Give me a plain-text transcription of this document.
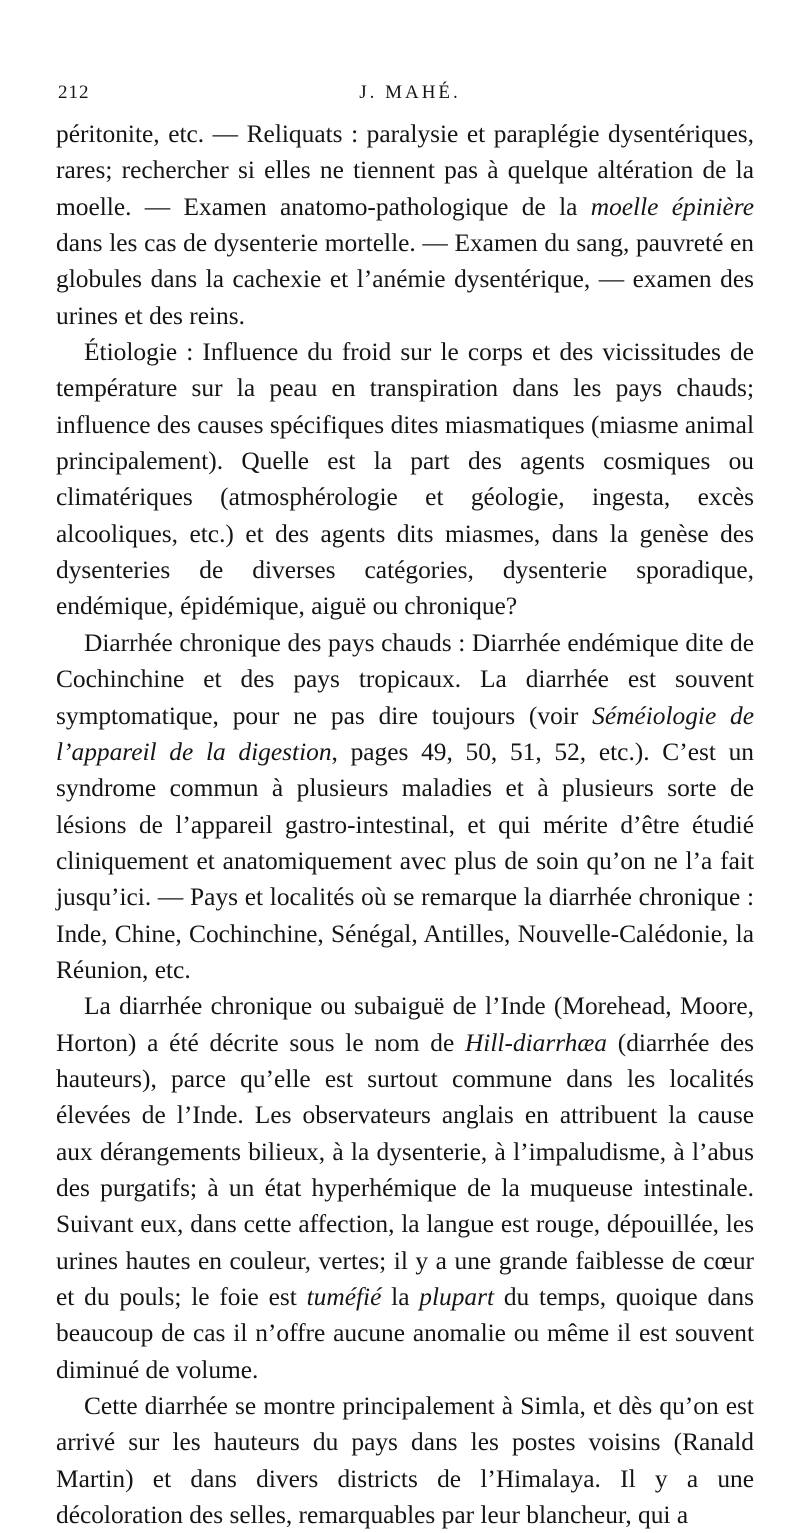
212	J. MAHÉ.

péritonite, etc. — Reliquats : paralysie et paraplégie dysentériques, rares; rechercher si elles ne tiennent pas à quelque altération de la moelle. — Examen anatomo-pathologique de la moelle épinière dans les cas de dysenterie mortelle. — Examen du sang, pauvreté en globules dans la cachexie et l’anémie dysentérique, — examen des urines et des reins.

Étiologie : Influence du froid sur le corps et des vicissitudes de température sur la peau en transpiration dans les pays chauds; influence des causes spécifiques dites miasmatiques (miasme animal principalement). Quelle est la part des agents cosmiques ou climatériques (atmosphérologie et géologie, ingesta, excès alcooliques, etc.) et des agents dits miasmes, dans la genèse des dysenteries de diverses catégories, dysenterie sporadique, endémique, épidémique, aiguë ou chronique?

Diarrhée chronique des pays chauds : Diarrhée endémique dite de Cochinchine et des pays tropicaux. La diarrhée est souvent symptomatique, pour ne pas dire toujours (voir Séméiologie de l’appareil de la digestion, pages 49, 50, 51, 52, etc.). C’est un syndrome commun à plusieurs maladies et à plusieurs sorte de lésions de l’appareil gastro-intestinal, et qui mérite d’être étudié cliniquement et anatomiquement avec plus de soin qu’on ne l’a fait jusqu’ici. — Pays et localités où se remarque la diarrhée chronique : Inde, Chine, Cochinchine, Sénégal, Antilles, Nouvelle-Calédonie, la Réunion, etc.

La diarrhée chronique ou subaiguë de l’Inde (Morehead, Moore, Horton) a été décrite sous le nom de Hill-diarrhæa (diarrhée des hauteurs), parce qu’elle est surtout commune dans les localités élevées de l’Inde. Les observateurs anglais en attribuent la cause aux dérangements bilieux, à la dysenterie, à l’impaludisme, à l’abus des purgatifs; à un état hyperhémique de la muqueuse intestinale. Suivant eux, dans cette affection, la langue est rouge, dépouillée, les urines hautes en couleur, vertes; il y a une grande faiblesse de cœur et du pouls; le foie est tuméfié la plupart du temps, quoique dans beaucoup de cas il n’offre aucune anomalie ou même il est souvent diminué de volume.

Cette diarrhée se montre principalement à Simla, et dès qu’on est arrivé sur les hauteurs du pays dans les postes voisins (Ranald Martin) et dans divers districts de l’Himalaya. Il y a une décoloration des selles, remarquables par leur blancheur, qui a
